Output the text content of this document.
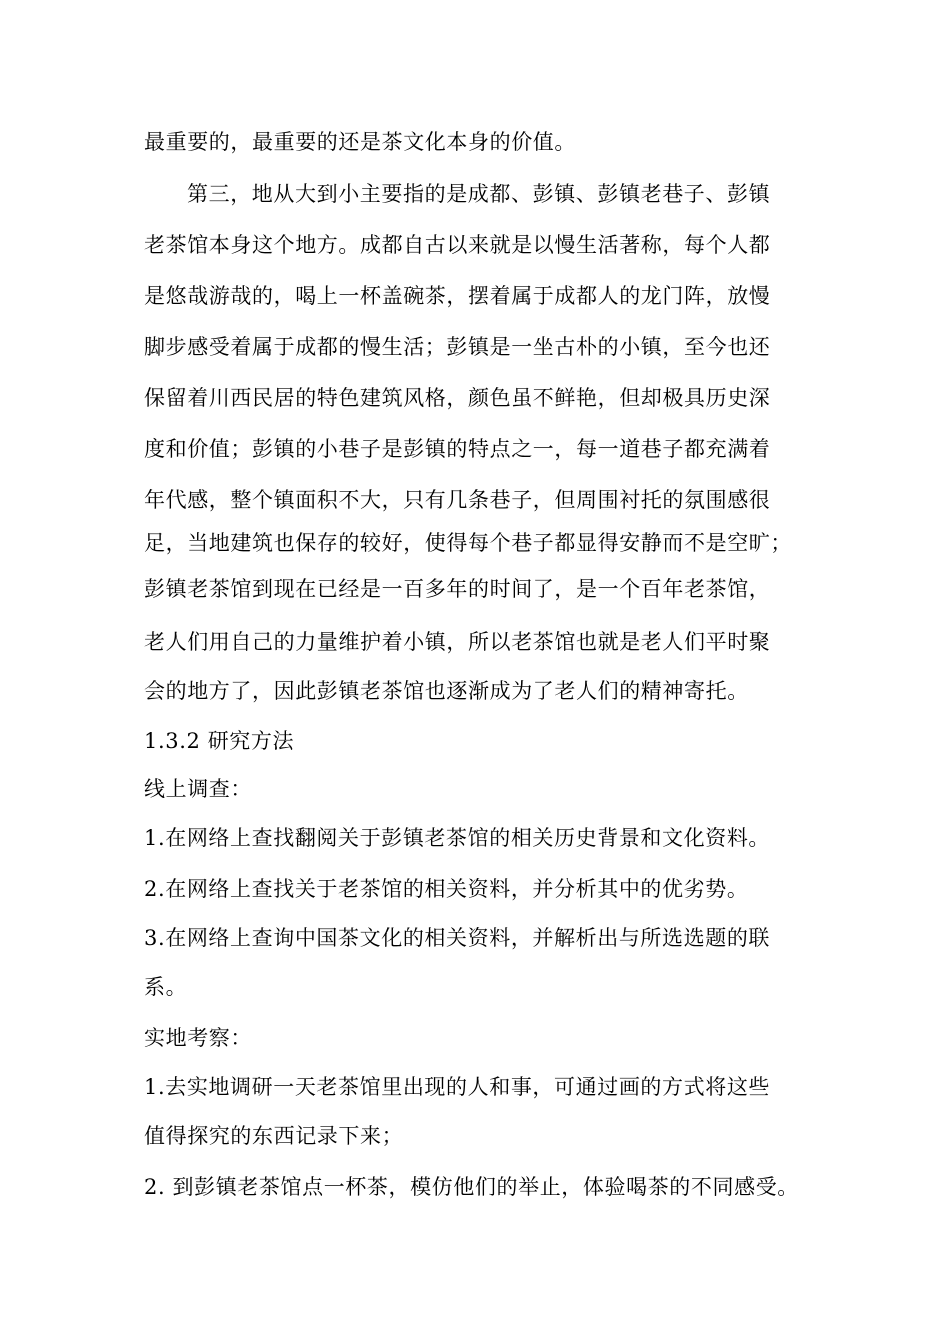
最重要的，最重要的还是茶文化本身的价值。
第三，地从大到小主要指的是成都、彭镇、彭镇老巷子、彭镇
老茶馆本身这个地方。成都自古以来就是以慢生活著称，每个人都
是悠哉游哉的，喝上一杯盖碗茶，摆着属于成都人的龙门阵，放慢
脚步感受着属于成都的慢生活；彭镇是一坐古朴的小镇，至今也还
保留着川西民居的特色建筑风格，颜色虽不鲜艳，但却极具历史深
度和价值；彭镇的小巷子是彭镇的特点之一，每一道巷子都充满着
年代感，整个镇面积不大，只有几条巷子，但周围衬托的氛围感很
足，当地建筑也保存的较好，使得每个巷子都显得安静而不是空旷；
彭镇老茶馆到现在已经是一百多年的时间了，是一个百年老茶馆，
老人们用自己的力量维护着小镇，所以老茶馆也就是老人们平时聚
会的地方了，因此彭镇老茶馆也逐渐成为了老人们的精神寄托。
1.3.2 研究方法
线上调查：
1.在网络上查找翻阅关于彭镇老茶馆的相关历史背景和文化资料。
2.在网络上查找关于老茶馆的相关资料，并分析其中的优劣势。
3.在网络上查询中国茶文化的相关资料，并解析出与所选选题的联
系。
实地考察：
1.去实地调研一天老茶馆里出现的人和事，可通过画的方式将这些
值得探究的东西记录下来；
2. 到彭镇老茶馆点一杯茶，模仿他们的举止，体验喝茶的不同感受。
